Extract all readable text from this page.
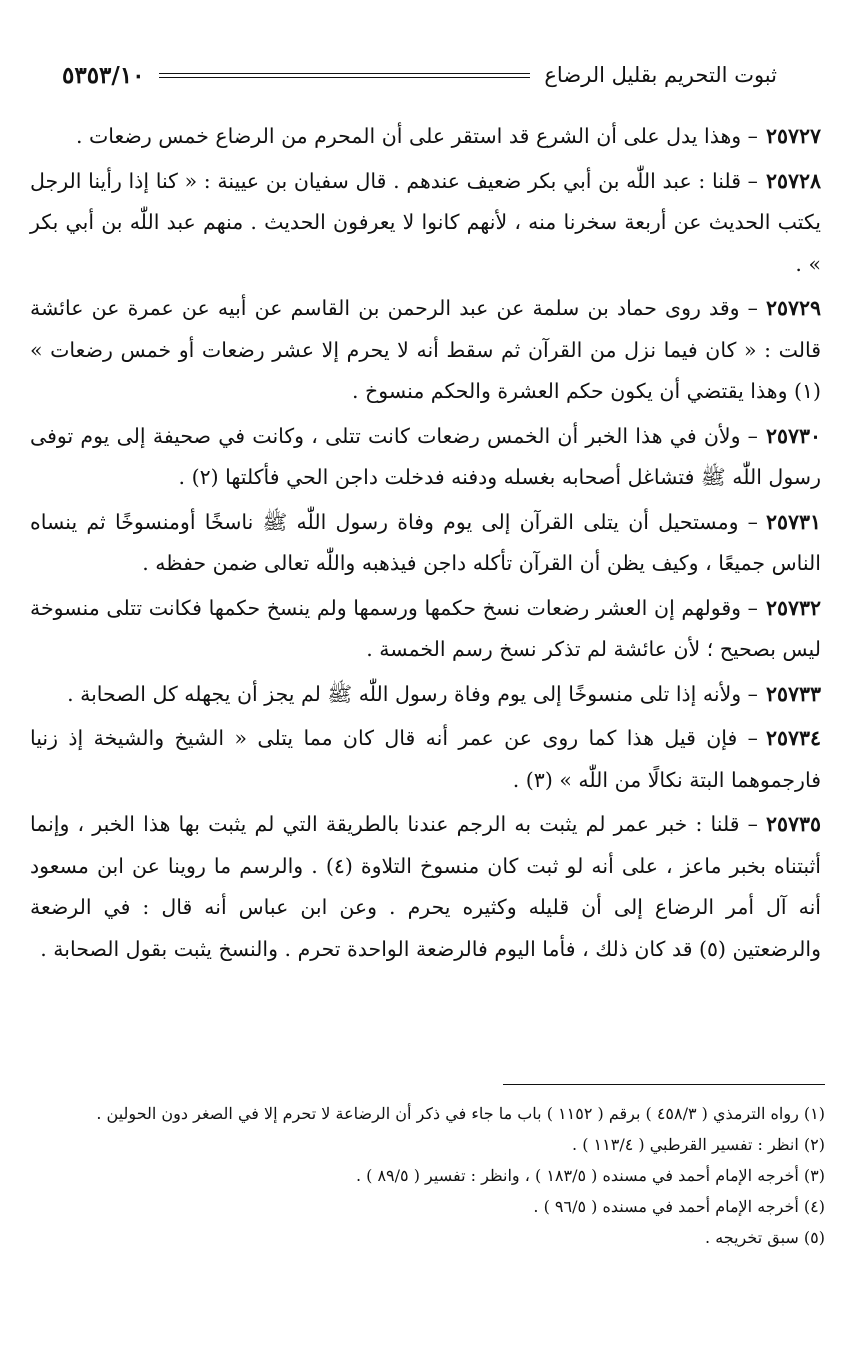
ثبوت التحريم بقليل الرضاع
٥٣٥٣/١٠

٢٥٧٢٧– وهذا يدل على أن الشرع قد استقر على أن المحرم من الرضاع خمس رضعات .

٢٥٧٢٨– قلنا : عبد اللّٰه بن أبي بكر ضعيف عندهم . قال سفيان بن عيينة : « كنا إذا رأينا الرجل يكتب الحديث عن أربعة سخرنا منه ، لأنهم كانوا لا يعرفون الحديث . منهم عبد اللّٰه بن أبي بكر » .

٢٥٧٢٩– وقد روى حماد بن سلمة عن عبد الرحمن بن القاسم عن أبيه عن عمرة عن عائشة قالت : « كان فيما نزل من القرآن ثم سقط أنه لا يحرم إلا عشر رضعات أو خمس رضعات » (١) وهذا يقتضي أن يكون حكم العشرة والحكم منسوخ .

٢٥٧٣٠– ولأن في هذا الخبر أن الخمس رضعات كانت تتلى ، وكانت في صحيفة إلى يوم توفى رسول اللّٰه ﷺ فتشاغل أصحابه بغسله ودفنه فدخلت داجن الحي فأكلتها (٢) .

٢٥٧٣١– ومستحيل أن يتلى القرآن إلى يوم وفاة رسول اللّٰه ﷺ ناسخًا أومنسوخًا ثم ينساه الناس جميعًا ، وكيف يظن أن القرآن تأكله داجن فيذهبه واللّٰه تعالى ضمن حفظه .

٢٥٧٣٢– وقولهم إن العشر رضعات نسخ حكمها ورسمها ولم ينسخ حكمها فكانت تتلى منسوخة ليس بصحيح ؛ لأن عائشة لم تذكر نسخ رسم الخمسة .

٢٥٧٣٣– ولأنه إذا تلى منسوخًا إلى يوم وفاة رسول اللّٰه ﷺ لم يجز أن يجهله كل الصحابة .

٢٥٧٣٤– فإن قيل هذا كما روى عن عمر أنه قال كان مما يتلى « الشيخ والشيخة إذ زنيا فارجموهما البتة نكالًا من اللّٰه » (٣) .

٢٥٧٣٥– قلنا : خبر عمر لم يثبت به الرجم عندنا بالطريقة التي لم يثبت بها هذا الخبر ، وإنما أثبتناه بخبر ماعز ، على أنه لو ثبت كان منسوخ التلاوة (٤) . والرسم ما روينا عن ابن مسعود أنه آل أمر الرضاع إلى أن قليله وكثيره يحرم . وعن ابن عباس أنه قال : في الرضعة والرضعتين (٥) قد كان ذلك ، فأما اليوم فالرضعة الواحدة تحرم . والنسخ يثبت بقول الصحابة .

(١) رواه الترمذي ( ٤٥٨/٣ ) برقم ( ١١٥٢ ) باب ما جاء في ذكر أن الرضاعة لا تحرم إلا في الصغر دون الحولين .
(٢) انظر : تفسير القرطبي ( ١١٣/٤ ) .
(٣) أخرجه الإمام أحمد في مسنده ( ١٨٣/٥ ) ، وانظر : تفسير ( ٨٩/٥ ) .
(٤) أخرجه الإمام أحمد في مسنده ( ٩٦/٥ ) .
(٥) سبق تخريجه .
